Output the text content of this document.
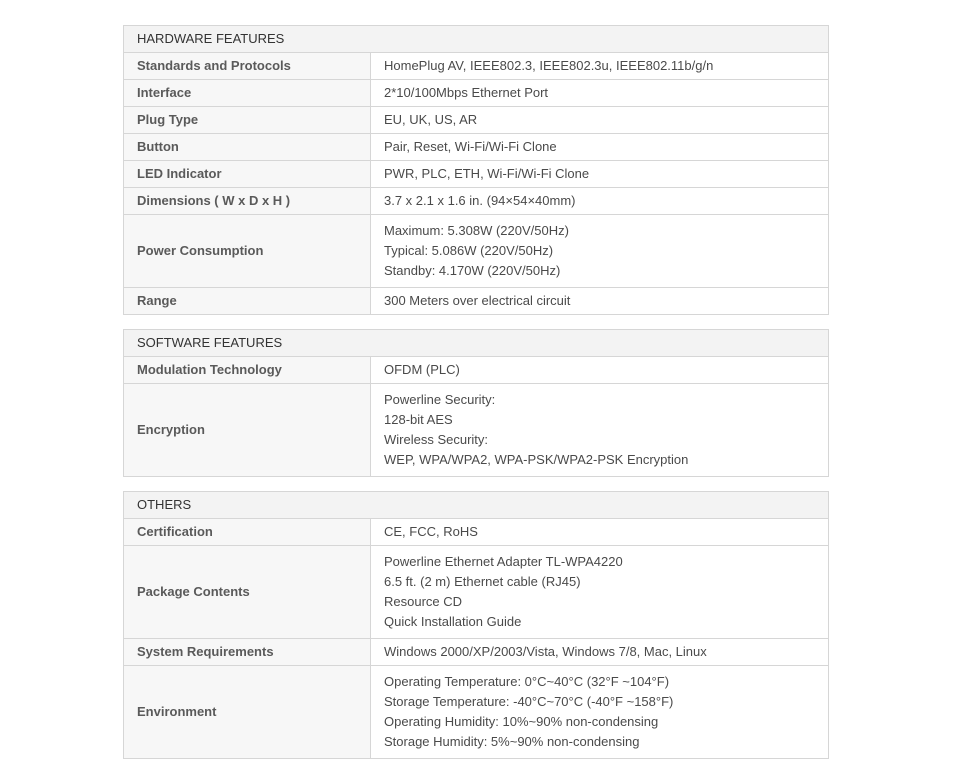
HARDWARE FEATURES	
Standards and Protocols	HomePlug AV, IEEE802.3, IEEE802.3u, IEEE802.11b/g/n

Interface	2*10/100Mbps Ethernet Port

Plug Type	EU, UK, US, AR

Button	Pair, Reset, Wi-Fi/Wi-Fi Clone

LED Indicator	PWR, PLC, ETH, Wi-Fi/Wi-Fi Clone

Dimensions ( W x D x H )	3.7 x 2.1 x 1.6 in. (94×54×40mm)

Power Consumption	Maximum: 5.308W (220V/50Hz)
Typical: 5.086W (220V/50Hz)
Standby: 4.170W (220V/50Hz)

Range	300 Meters over electrical circuit
SOFTWARE FEATURES	
Modulation Technology	OFDM (PLC)

Encryption	Powerline Security:
128-bit AES
Wireless Security:
WEP, WPA/WPA2, WPA-PSK/WPA2-PSK Encryption
OTHERS	
Certification	CE, FCC, RoHS

Package Contents	Powerline Ethernet Adapter TL-WPA4220
6.5 ft. (2 m) Ethernet cable (RJ45)
Resource CD
Quick Installation Guide

System Requirements	Windows 2000/XP/2003/Vista, Windows 7/8, Mac, Linux

Environment	Operating Temperature: 0°C~40°C (32°F ~104°F)
Storage Temperature: -40°C~70°C (-40°F ~158°F)
Operating Humidity: 10%~90% non-condensing
Storage Humidity: 5%~90% non-condensing
